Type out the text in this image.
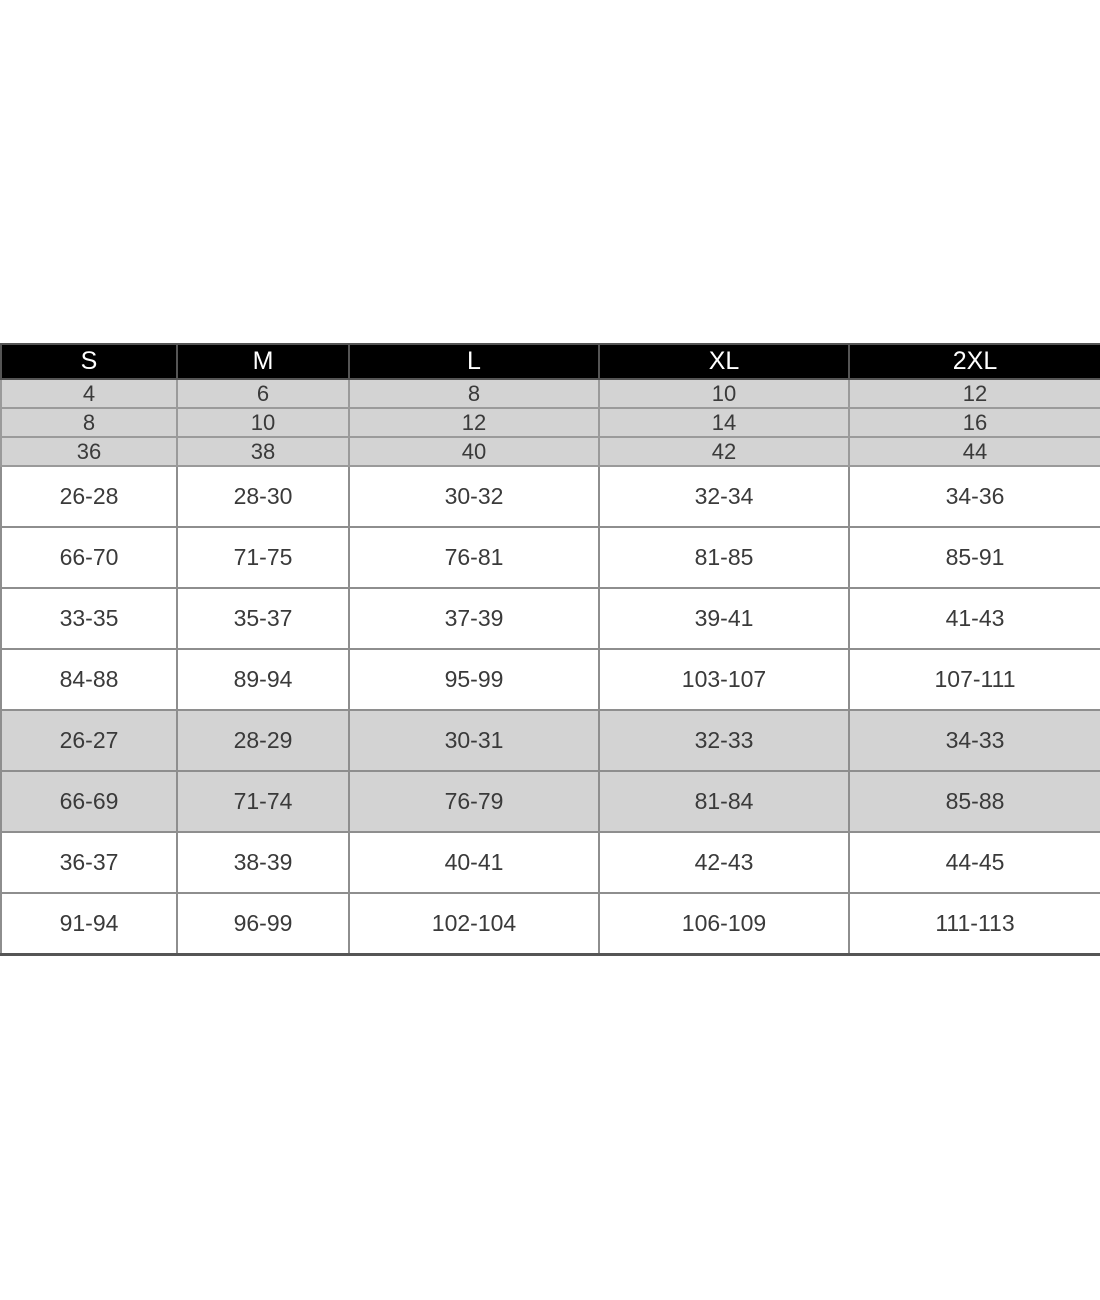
S	M	L	XL	2XL
4	6	8	10	12
8	10	12	14	16
36	38	40	42	44
26-28	28-30	30-32	32-34	34-36
66-70	71-75	76-81	81-85	85-91
33-35	35-37	37-39	39-41	41-43
84-88	89-94	95-99	103-107	107-111
26-27	28-29	30-31	32-33	34-33
66-69	71-74	76-79	81-84	85-88
36-37	38-39	40-41	42-43	44-45
91-94	96-99	102-104	106-109	111-113
